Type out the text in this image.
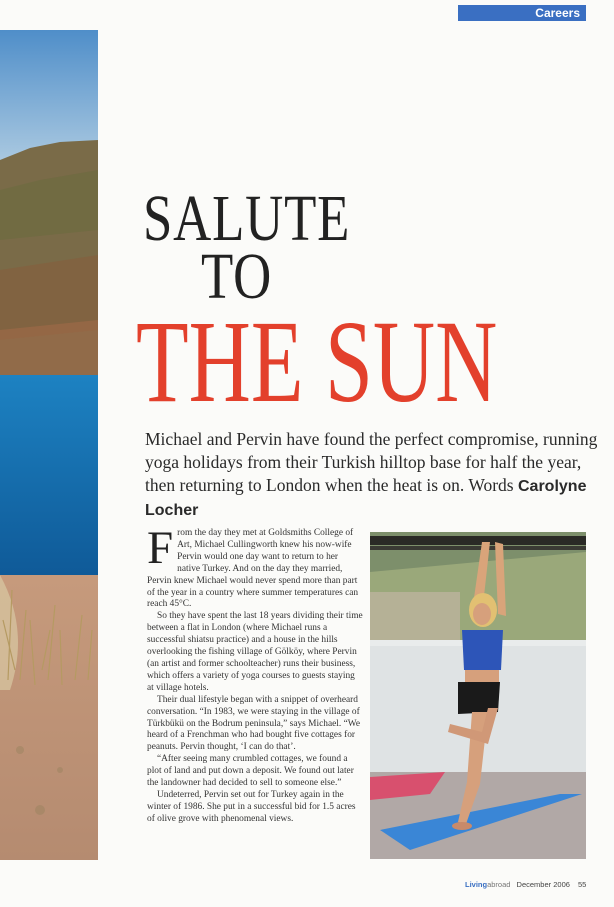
Careers
SALUTE
TO
THE SUN
Michael and Pervin have found the perfect compromise, running yoga holidays from their Turkish hilltop base for half the year, then returning to London when the heat is on. Words Carolyne Locher

From the day they met at Goldsmiths College of Art, Michael Cullingworth knew his now-wife Pervin would one day want to return to her native Turkey. And on the day they married, Pervin knew Michael would never spend more than part of the year in a country where summer temperatures can reach 45°C.

So they have spent the last 18 years dividing their time between a flat in London (where Michael runs a successful shiatsu practice) and a house in the hills overlooking the fishing village of Gölköy, where Pervin (an artist and former schoolteacher) runs their business, which offers a variety of yoga courses to guests staying at village hotels.

Their dual lifestyle began with a snippet of overheard conversation. “In 1983, we were staying in the village of Türkbükü on the Bodrum peninsula,” says Michael. “We heard of a Frenchman who had bought five cottages for peanuts. Pervin thought, ‘I can do that’.

“After seeing many crumbled cottages, we found a plot of land and put down a deposit. We found out later the landowner had decided to sell to someone else.”

Undeterred, Pervin set out for Turkey again in the winter of 1986. She put in a successful bid for 1.5 acres of olive grove with phenomenal views.

Livingabroad December 2006 55
